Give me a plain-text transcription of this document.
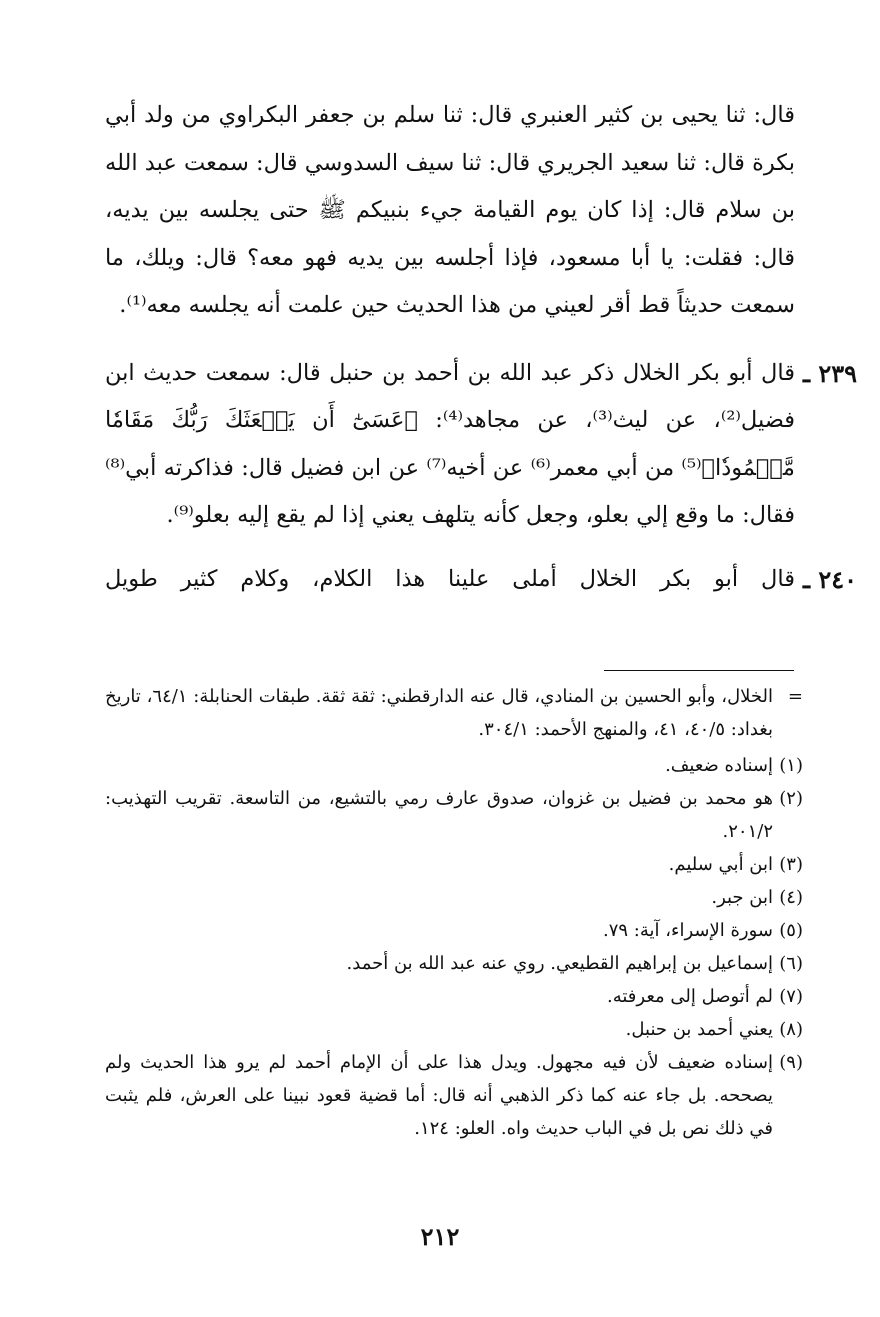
قال: ثنا يحيى بن كثير العنبري قال: ثنا سلم بن جعفر البكراوي من ولد أبي بكرة قال: ثنا سعيد الجريري قال: ثنا سيف السدوسي قال: سمعت عبد الله بن سلام قال: إذا كان يوم القيامة جيء بنبيكم ﷺ حتى يجلسه بين يديه، قال: فقلت: يا أبا مسعود، فإذا أجلسه بين يديه فهو معه؟ قال: ويلك، ما سمعت حديثاً قط أقر لعيني من هذا الحديث حين علمت أنه يجلسه معه⁽¹⁾.

٢٣٩ ـ

قال أبو بكر الخلال ذكر عبد الله بن أحمد بن حنبل قال: سمعت حديث ابن فضيل⁽²⁾، عن ليث⁽³⁾، عن مجاهد⁽⁴⁾: ﴿عَسَىٰٓ أَن يَبۡعَثَكَ رَبُّكَ مَقَامٗا مَّحۡمُودٗا﴾⁽⁵⁾ من أبي معمر⁽⁶⁾ عن أخيه⁽⁷⁾ عن ابن فضيل قال: فذاكرته أبي⁽⁸⁾ فقال: ما وقع إلي بعلو، وجعل كأنه يتلهف يعني إذا لم يقع إليه بعلو⁽⁹⁾.

٢٤٠ ـ

قال أبو بكر الخلال أملى علينا هذا الكلام، وكلام كثير طويل

=
الخلال، وأبو الحسين بن المنادي، قال عنه الدارقطني: ثقة ثقة. طبقات الحنابلة: ٦٤/١، تاريخ بغداد: ٤٠/٥، ٤١، والمنهج الأحمد: ٣٠٤/١.
(١)
إسناده ضعيف.
(٢)
هو محمد بن فضيل بن غزوان، صدوق عارف رمي بالتشيع، من التاسعة. تقريب التهذيب: ٢٠١/٢.
(٣)
ابن أبي سليم.
(٤)
ابن جبر.
(٥)
سورة الإسراء، آية: ٧٩.
(٦)
إسماعيل بن إبراهيم القطيعي. روي عنه عبد الله بن أحمد.
(٧)
لم أتوصل إلى معرفته.
(٨)
يعني أحمد بن حنبل.
(٩)
إسناده ضعيف لأن فيه مجهول. ويدل هذا على أن الإمام أحمد لم يرو هذا الحديث ولم يصححه. بل جاء عنه كما ذكر الذهبي أنه قال: أما قضية قعود نبينا على العرش، فلم يثبت في ذلك نص بل في الباب حديث واه. العلو: ١٢٤.
٢١٢
